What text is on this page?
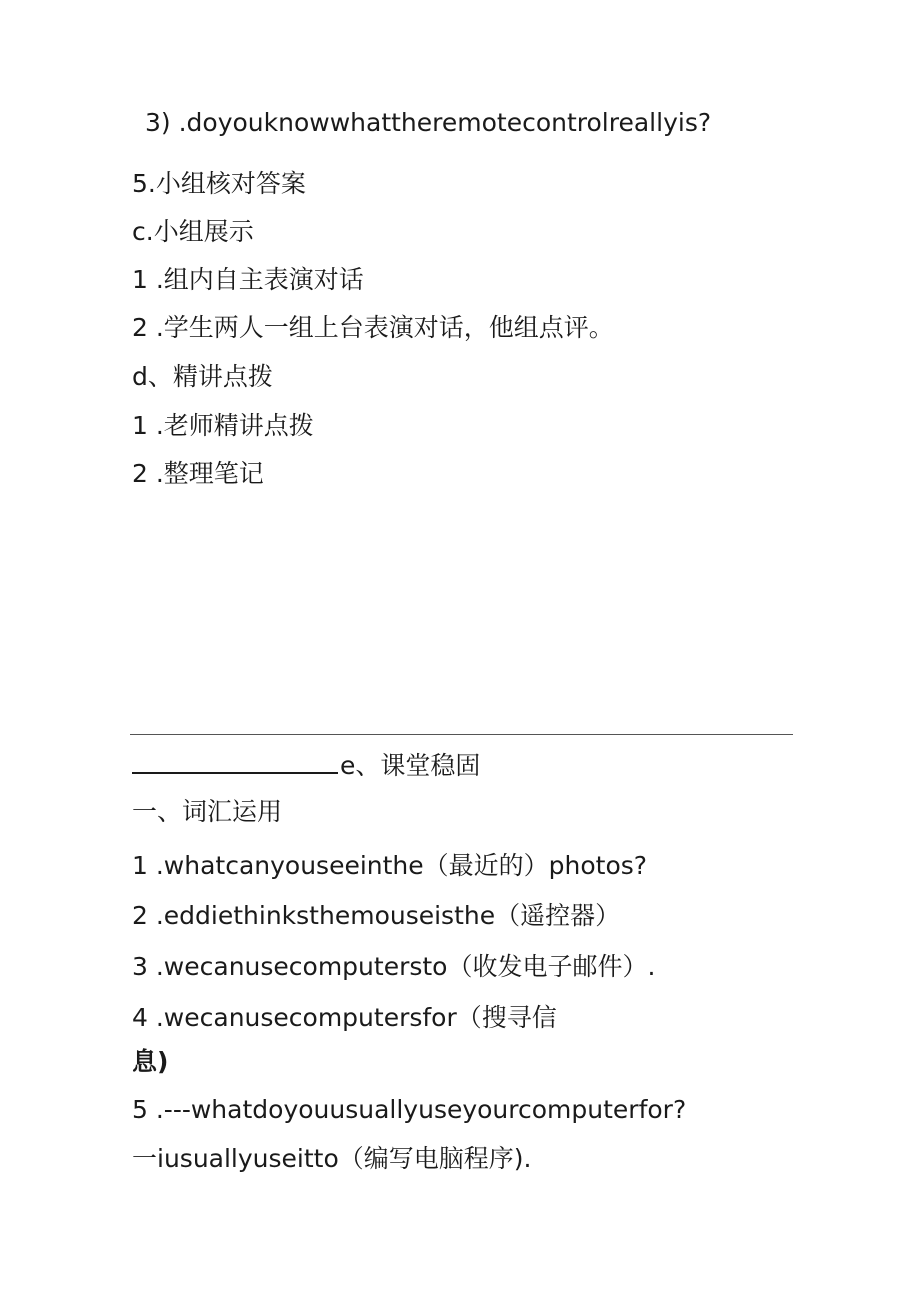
3) .doyouknowwhattheremotecontrolreallyis?
5.小组核对答案
c.小组展示
1 .组内自主表演对话
2 .学生两人一组上台表演对话，他组点评。
d、精讲点拨
1 .老师精讲点拨
2 .整理笔记
e、课堂稳固
一、词汇运用
1 .whatcanyouseeinthe（最近的）photos?
2 .eddiethinksthemouseisthe（遥控器）
3 .wecanusecomputersto（收发电子邮件）.
4 .wecanusecomputersfor（搜寻信
息)
5 .---whatdoyouusuallyuseyourcomputerfor?
一iusuallyuseitto（编写电脑程序).
